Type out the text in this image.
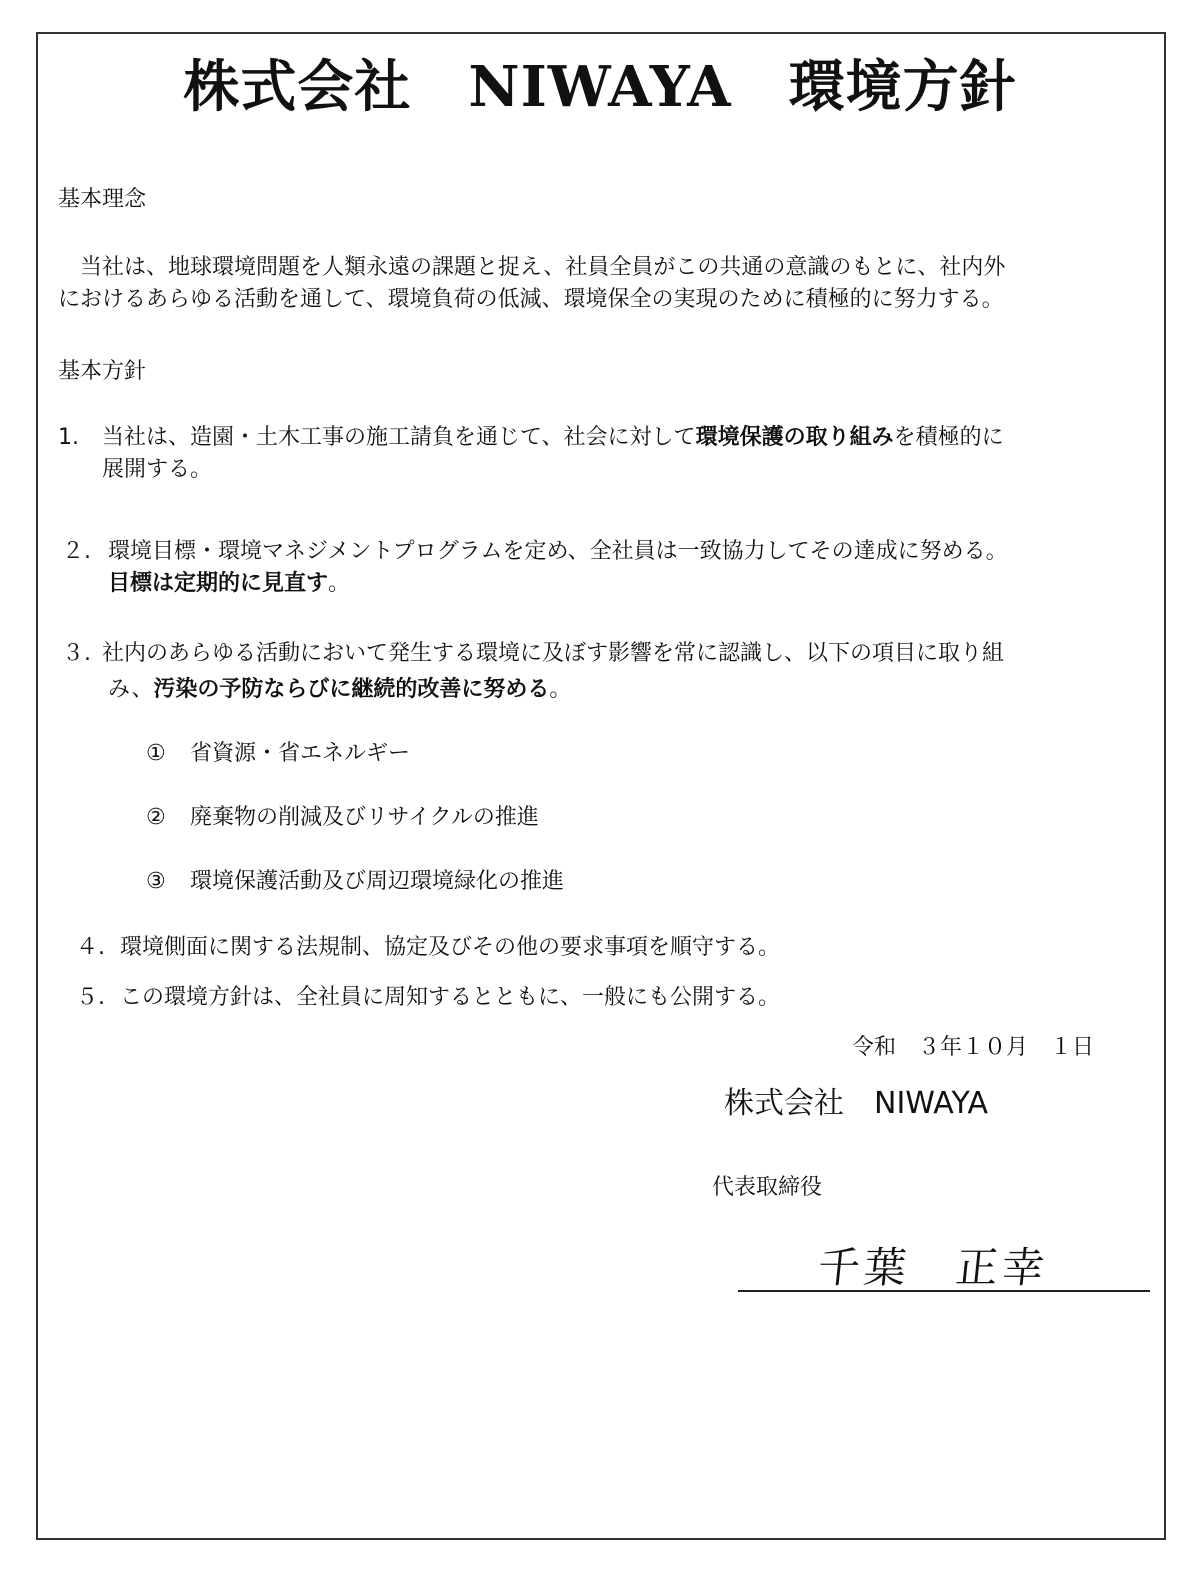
株式会社　NIWAYA　環境方針
基本理念
当社は、地球環境問題を人類永遠の課題と捉え、社員全員がこの共通の意識のもとに、社内外
におけるあらゆる活動を通して、環境負荷の低減、環境保全の実現のために積極的に努力する。
基本方針
1. 当社は、造園・土木工事の施工請負を通じて、社会に対して環境保護の取り組みを積極的に
展開する。
２. 環境目標・環境マネジメントプログラムを定め、全社員は一致協力してその達成に努める。
目標は定期的に見直す。
３. 社内のあらゆる活動において発生する環境に及ぼす影響を常に認識し、以下の項目に取り組
み、汚染の予防ならびに継続的改善に努める。
① 省資源・省エネルギー
② 廃棄物の削減及びリサイクルの推進
③ 環境保護活動及び周辺環境緑化の推進
４. 環境側面に関する法規制、協定及びその他の要求事項を順守する。
５. この環境方針は、全社員に周知するとともに、一般にも公開する。
令和　３年１０月　１日
株式会社　NIWAYA
代表取締役
千葉　正幸
